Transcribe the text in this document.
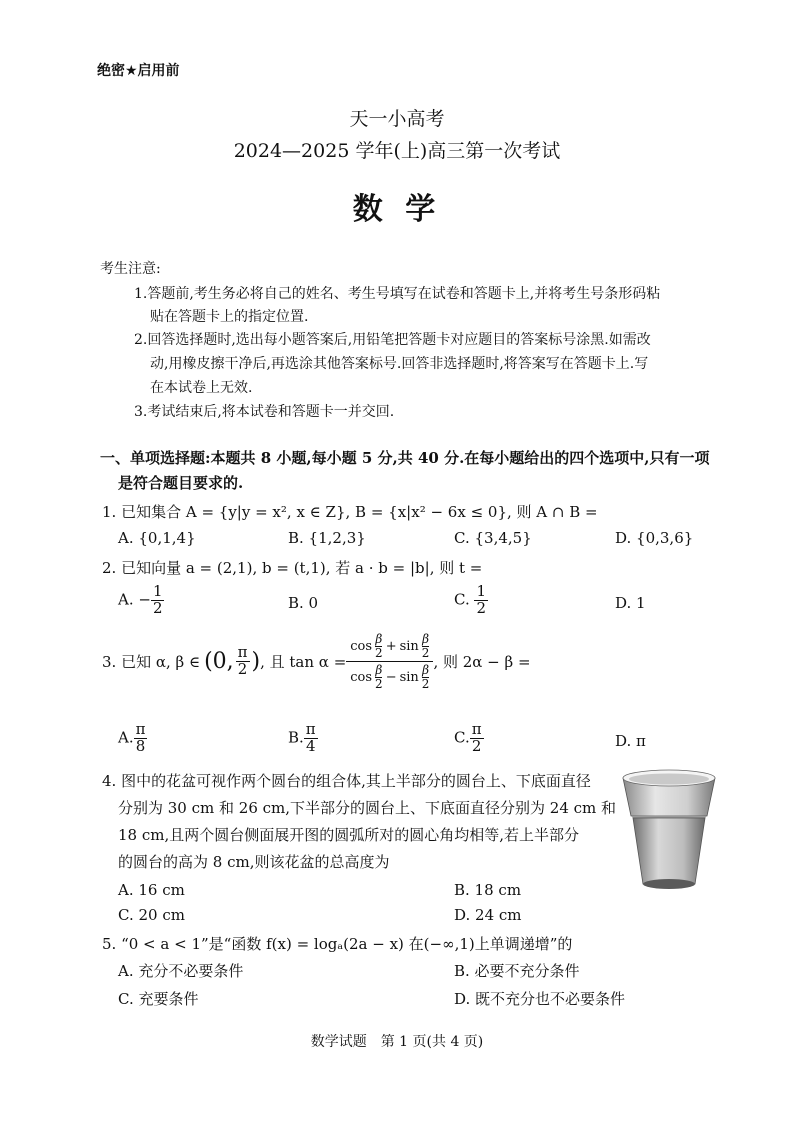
绝密★启用前
天一小高考
2024—2025 学年(上)高三第一次考试
数 学
考生注意:
1.答题前,考生务必将自己的姓名、考生号填写在试卷和答题卡上,并将考生号条形码粘
贴在答题卡上的指定位置.
2.回答选择题时,选出每小题答案后,用铅笔把答题卡对应题目的答案标号涂黑.如需改
动,用橡皮擦干净后,再选涂其他答案标号.回答非选择题时,将答案写在答题卡上.写
在本试卷上无效.
3.考试结束后,将本试卷和答题卡一并交回.
一、单项选择题:本题共 8 小题,每小题 5 分,共 40 分.在每小题给出的四个选项中,只有一项
是符合题目要求的.
1. 已知集合 A = {y|y = x², x ∈ Z}, B = {x|x² − 6x ≤ 0}, 则 A ∩ B =
A. {0,1,4}	B. {1,2,3}	C. {3,4,5}	D. {0,3,6}
2. 已知向量 a = (2,1), b = (t,1), 若 a · b = |b|, 则 t =
A. − $\frac{1}{2}$	B. 0	C. $\frac{1}{2}$	D. 1
3. 已知 α, β ∈ (0, $\frac{\pi}{2}$ ) , 且 tan α = cos β
2 + sin β
2
cos β
2 − sin β
2 , 则 2α − β =
A. $\frac{\pi}{8}$	B. $\frac{\pi}{4}$	C. $\frac{\pi}{2}$	D. π
4. 图中的花盆可视作两个圆台的组合体,其上半部分的圆台上、下底面直径
分别为 30 cm 和 26 cm,下半部分的圆台上、下底面直径分别为 24 cm 和
18 cm,且两个圆台侧面展开图的圆弧所对的圆心角均相等,若上半部分
的圆台的高为 8 cm,则该花盆的总高度为
A. 16 cm	B. 18 cm
C. 20 cm	D. 24 cm
5. “0 < a < 1”是“函数 f(x) = logₐ(2a − x) 在(−∞,1)上单调递增”的
A. 充分不必要条件	B. 必要不充分条件
C. 充要条件	D. 既不充分也不必要条件
数学试题　第 1 页(共 4 页)
